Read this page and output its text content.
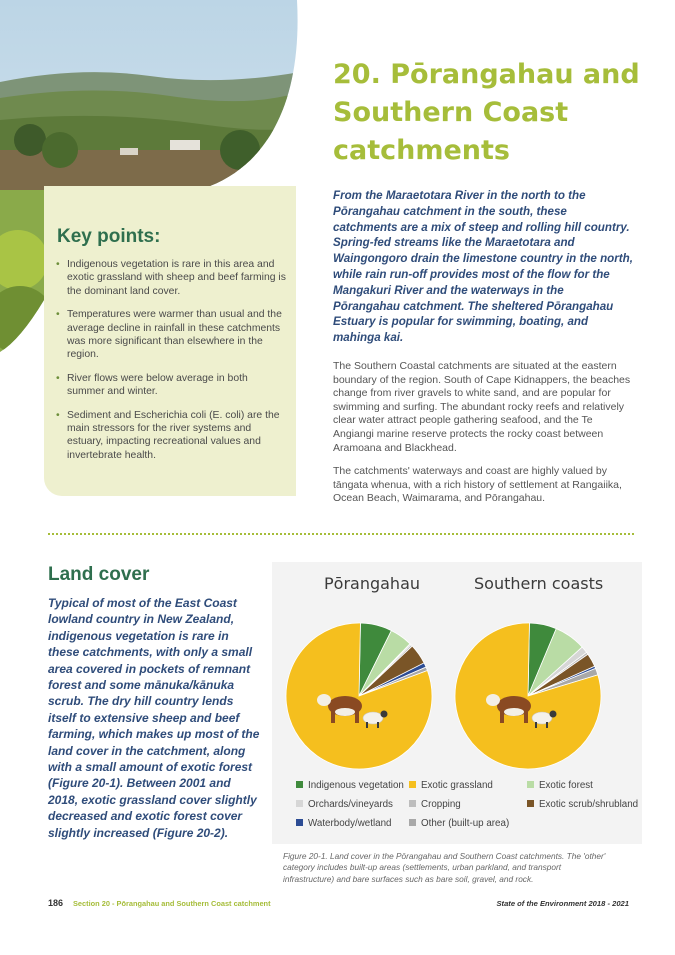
Key points:
• Indigenous vegetation is rare in this area and exotic grassland with sheep and beef farming is the dominant land cover.
• Temperatures were warmer than usual and the average decline in rainfall in these catchments was more significant than elsewhere in the region.
• River flows were below average in both summer and winter.
• Sediment and Escherichia coli (E. coli) are the main stressors for the river systems and estuary, impacting recreational values and invertebrate health.
20. Pōrangahau and Southern Coast catchments

From the Maraetotara River in the north to the Pōrangahau catchment in the south, these catchments are a mix of steep and rolling hill country. Spring-fed streams like the Maraetotara and Waingongoro drain the limestone country in the north, while rain run-off provides most of the flow for the Mangakuri River and the waterways in the Pōrangahau catchment. The sheltered Pōrangahau Estuary is popular for swimming, boating, and mahinga kai.

The Southern Coastal catchments are situated at the eastern boundary of the region. South of Cape Kidnappers, the beaches change from river gravels to white sand, and are popular for swimming and surfing. The abundant rocky reefs and relatively clear water attract people gathering seafood, and the Te Angiangi marine reserve protects the rocky coast between Aramoana and Blackhead.

The catchments' waterways and coast are highly valued by tāngata whenua, with a rich history of settlement at Rangaiika, Ocean Beach, Waimarama, and Pōrangahau.

Land cover

Typical of most of the East Coast lowland country in New Zealand, indigenous vegetation is rare in these catchments, with only a small area covered in pockets of remnant forest and some mānuka/kānuka scrub. The dry hill country lends itself to extensive sheep and beef farming, which makes up most of the land cover in the catchment, along with a small amount of exotic forest (Figure 20-1). Between 2001 and 2018, exotic grassland cover slightly decreased and exotic forest cover slightly increased (Figure 20-2).

Pōrangahau	Southern coasts
Indigenous vegetation	Exotic grassland	Exotic forest
Orchards/vineyards	Cropping	Exotic scrub/shrubland
Waterbody/wetland	Other (built-up area)

Figure 20-1. Land cover in the Pōrangahau and Southern Coast catchments. The 'other' category includes built-up areas (settlements, urban parkland, and transport infrastructure) and bare surfaces such as bare soil, gravel, and rock.

186 Section 20 - Pōrangahau and Southern Coast catchment	State of the Environment 2018 - 2021
